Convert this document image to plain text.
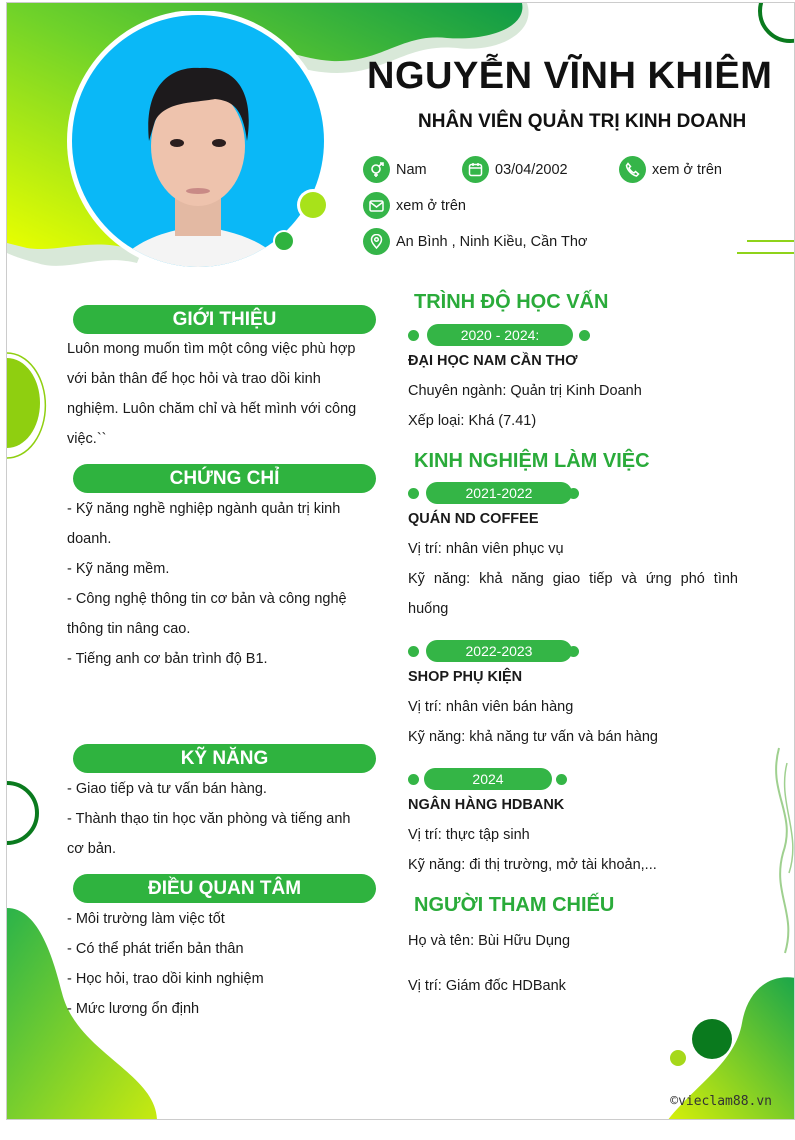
NGUYỄN VĨNH KHIÊM
NHÂN VIÊN QUẢN TRỊ KINH DOANH
Nam	03/04/2002	xem ở trên
xem ở trên
An Bình , Ninh Kiều, Cần Thơ
GIỚI THIỆU
Luôn mong muốn tìm một công việc phù hợp
với bản thân để học hỏi và trao dồi kinh
nghiệm. Luôn chăm chỉ và hết mình với công
việc.``
CHỨNG CHỈ
- Kỹ năng nghề nghiệp ngành quản trị kinh
doanh.
- Kỹ năng mềm.
- Công nghệ thông tin cơ bản và công nghệ
thông tin nâng cao.
- Tiếng anh cơ bản trình độ B1.
KỸ NĂNG
- Giao tiếp và tư vấn bán hàng.
- Thành thạo tin học văn phòng và tiếng anh
cơ bản.
ĐIỀU QUAN TÂM
- Môi trường làm việc tốt
- Có thể phát triển bản thân
- Học hỏi, trao dồi kinh nghiệm
- Mức lương ổn định
TRÌNH ĐỘ HỌC VẤN
2020 - 2024:
ĐẠI HỌC NAM CẦN THƠ
Chuyên ngành: Quản trị Kinh Doanh
Xếp loại: Khá (7.41)
KINH NGHIỆM LÀM VIỆC
2021-2022
QUÁN ND COFFEE
Vị trí: nhân viên phục vụ
Kỹ năng: khả năng giao tiếp và ứng phó tình
huống
2022-2023
SHOP PHỤ KIỆN
Vị trí: nhân viên bán hàng
Kỹ năng: khả năng tư vấn và bán hàng
2024
NGÂN HÀNG HDBANK
Vị trí: thực tập sinh
Kỹ năng: đi thị trường, mở tài khoản,...
NGƯỜI THAM CHIẾU
Họ và tên: Bùi Hữu Dụng
Vị trí: Giám đốc HDBank
©vieclam88.vn
